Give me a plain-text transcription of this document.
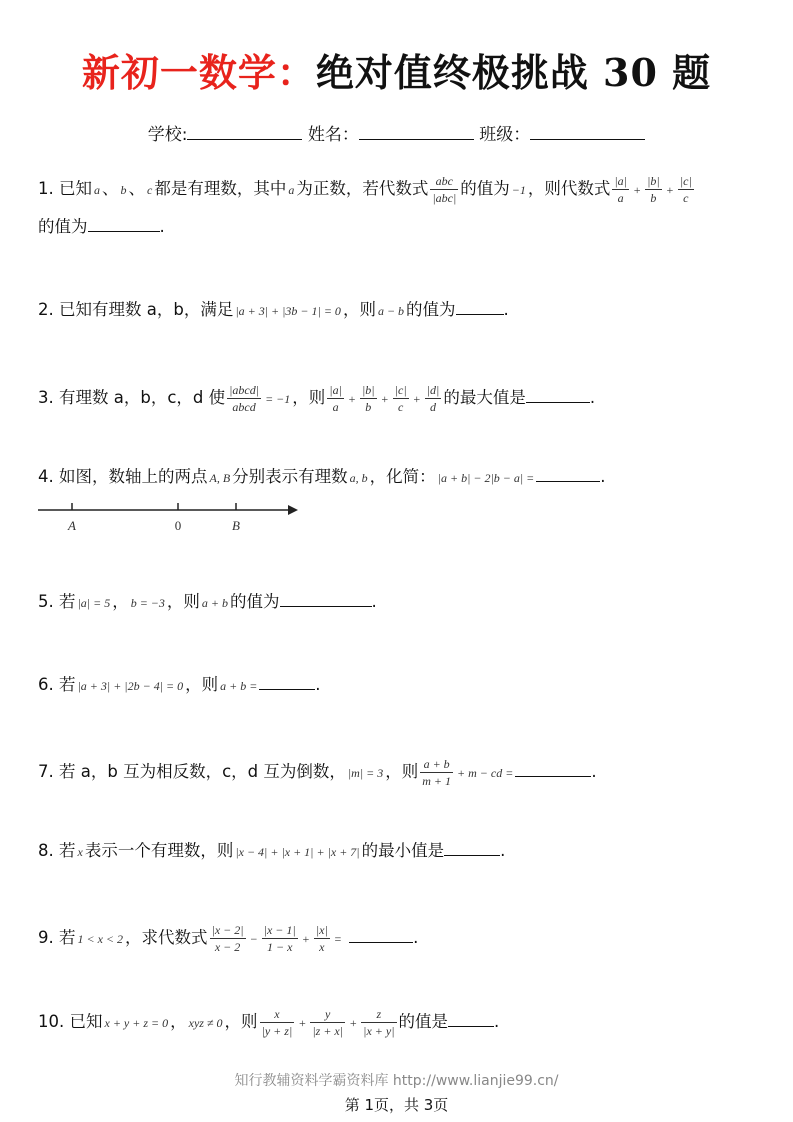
新初一数学：绝对值终极挑战 30 题
学校:	姓名：	班级：
1. 已知 a 、 b 、 c 都是有理数，其中 a 为正数，若代数式 $\frac{\text{abc}}{\text{|abc|}}$ 的值为 −1 ，则代数式 $\frac{|a|}{a} + \frac{|b|}{b} + \frac{|c|}{c}$
的值为	.
2. 已知有理数 a，b，满足 |a + 3| + |3b − 1| = 0 ，则 a − b 的值为	.
3. 有理数 a，b，c，d 使 $\frac{\text{|abcd|}}{\text{abcd}} = -1$ ，则 $\frac{|a|}{a} + \frac{|b|}{b} + \frac{|c|}{c} + \frac{|d|}{d}$ 的最大值是	.
4. 如图，数轴上的两点 A, B 分别表示有理数 a, b ，化简： |a + b| − 2|b − a| =	.
A	0	B
5. 若 |a| = 5 ， b = −3 ，则 a + b 的值为	.
6. 若 |a + 3| + |2b − 4| = 0 ，则 a + b =	.
7. 若 a，b 互为相反数，c，d 互为倒数， |m| = 3 ，则 $\frac{a + b}{m + 1} + m$ − cd =	.
8. 若 x 表示一个有理数，则 |x − 4| + |x + 1| + |x + 7| 的最小值是	.
9. 若 1 < x < 2 ，求代数式 $\frac{|x - 2|}{x - 2} - \frac{|x - 1|}{1 - x} + \frac{|x|}{x}$ =	.
10. 已知 x + y + z = 0 ， xyz ≠ 0 ，则 $\frac{x}{|y + z|} + \frac{y}{|z + x|} + \frac{z}{|x + y|}$ 的值是	.
知行教辅资料学霸资料库 http://www.lianjie99.cn/
第 1页，共 3页
